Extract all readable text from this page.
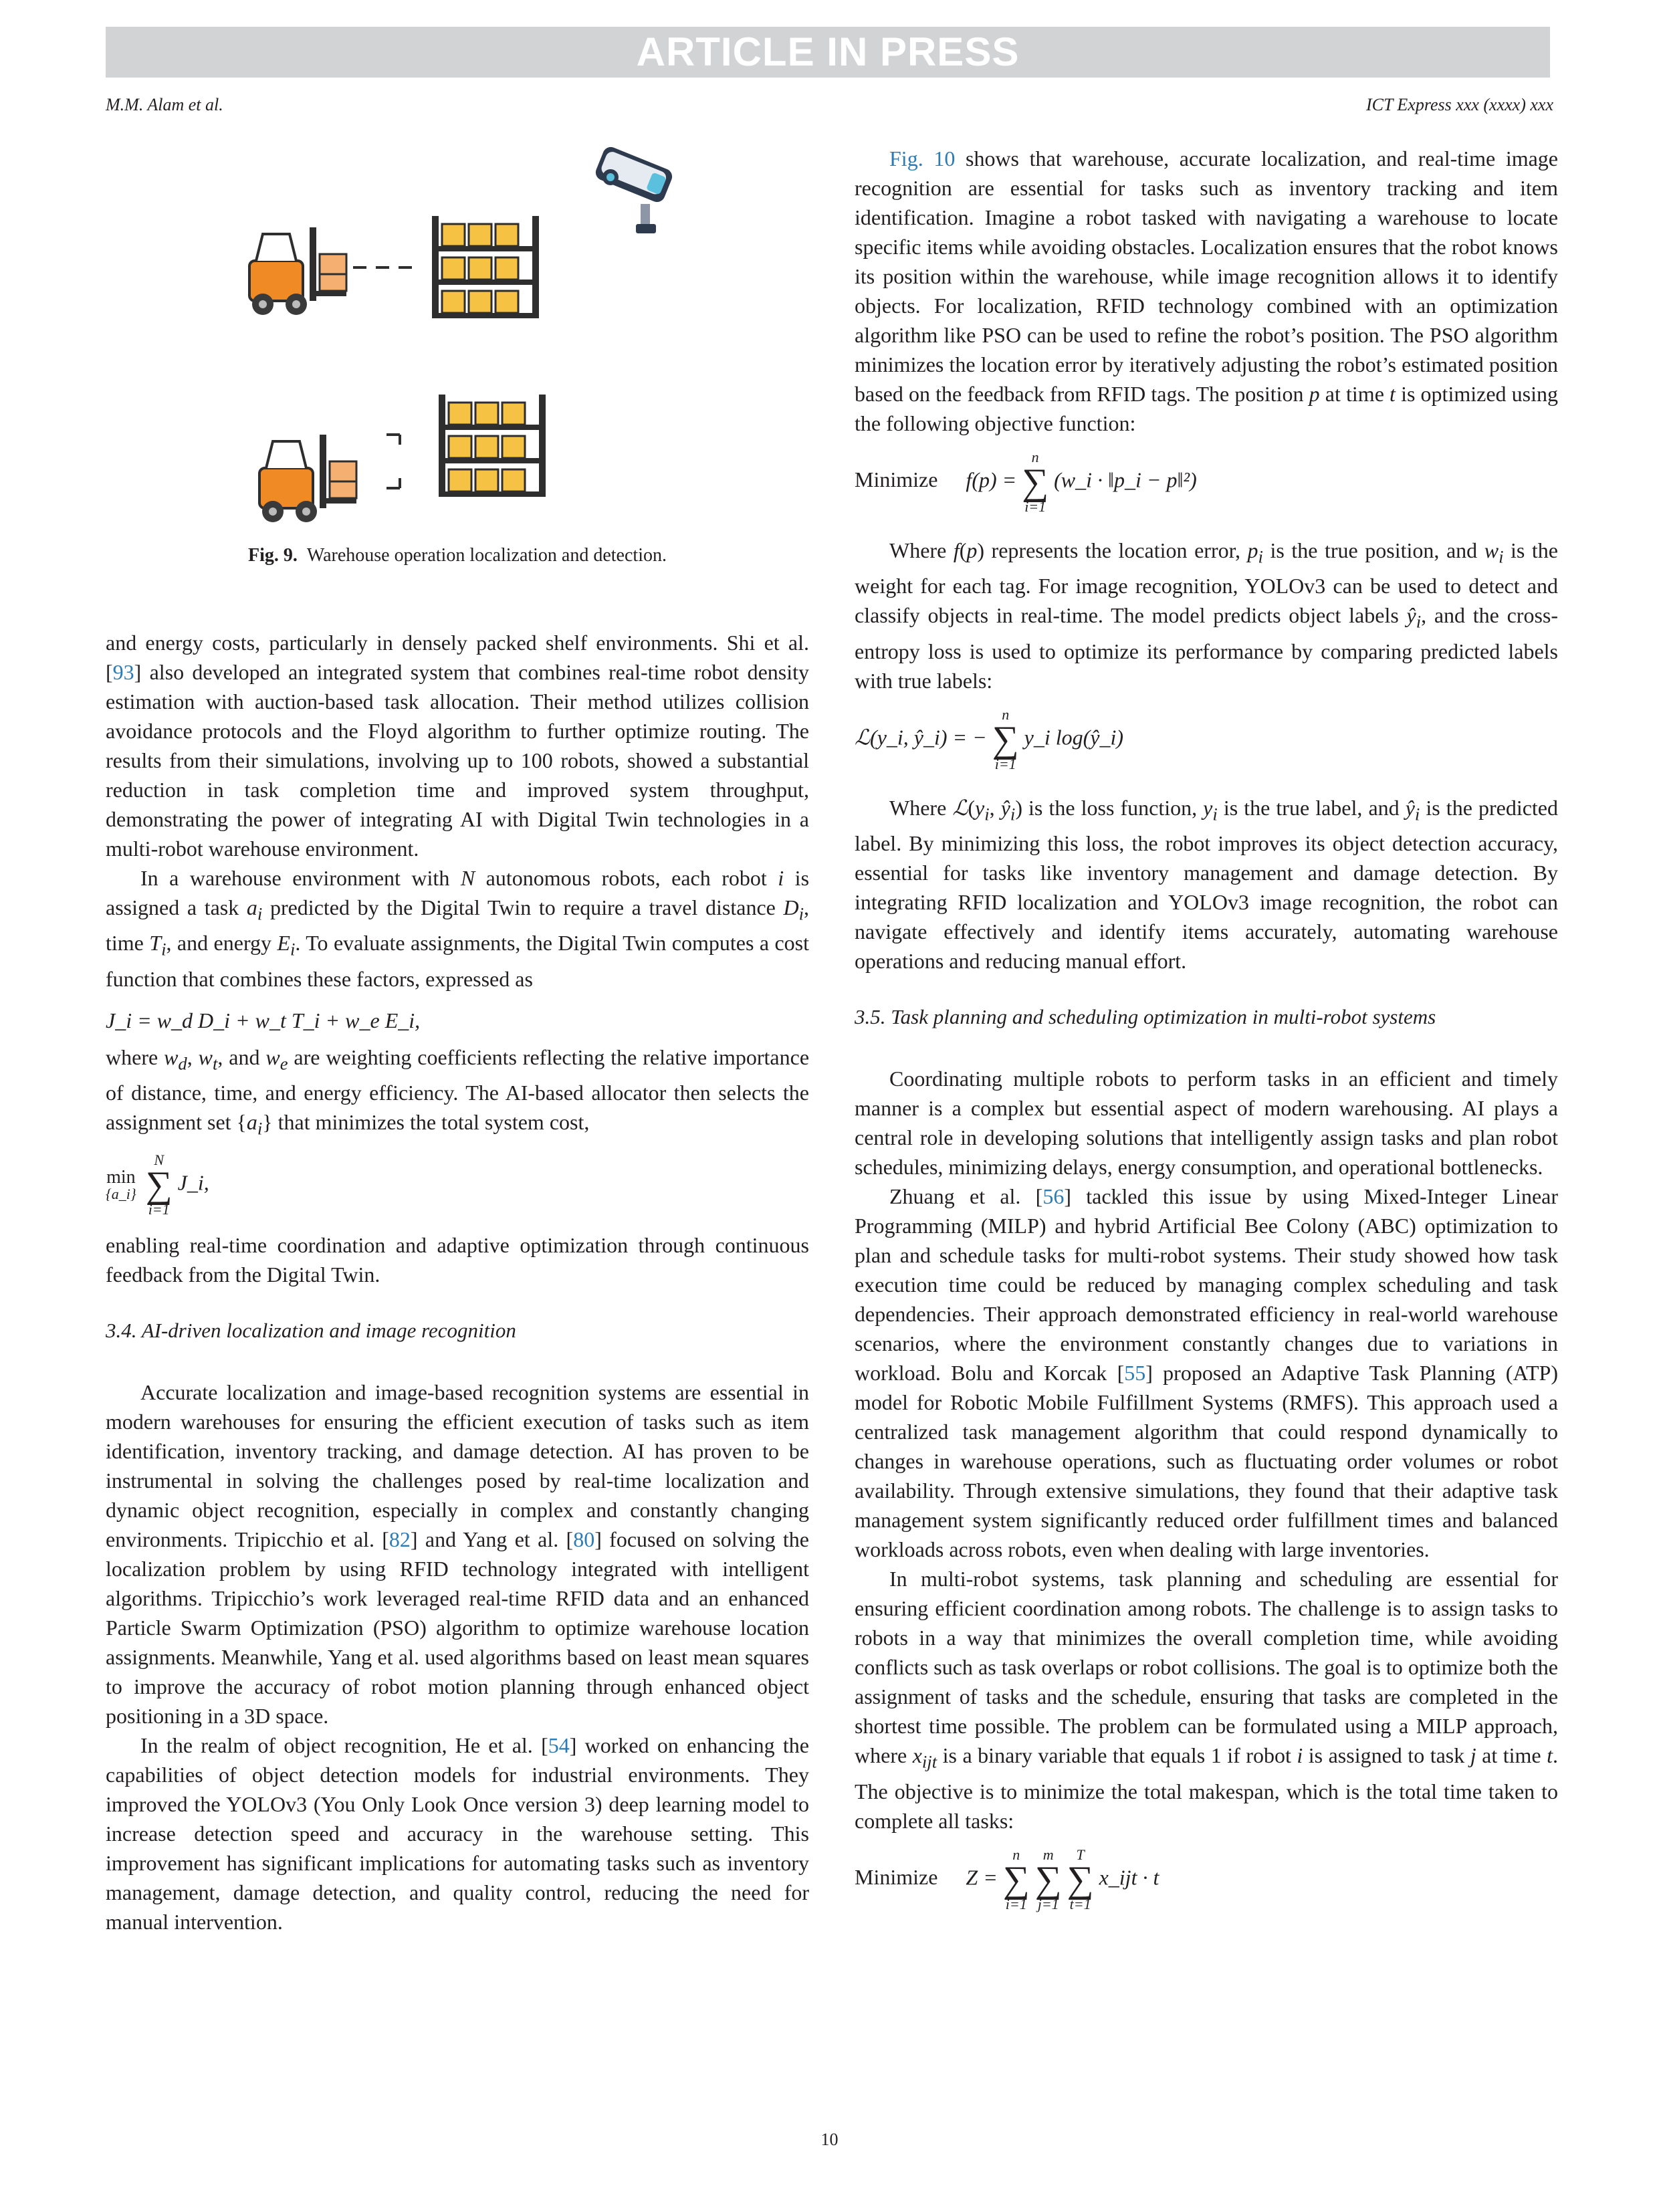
ARTICLE IN PRESS
M.M. Alam et al.	ICT Express xxx (xxxx) xxx
Fig. 9. Warehouse operation localization and detection.

and energy costs, particularly in densely packed shelf environments. Shi et al. [93] also developed an integrated system that combines real-time robot density estimation with auction-based task allocation. Their method utilizes collision avoidance protocols and the Floyd algorithm to further optimize routing. The results from their simulations, involving up to 100 robots, showed a substantial reduction in task completion time and improved system throughput, demonstrating the power of integrating AI with Digital Twin technologies in a multi-robot warehouse environment.

In a warehouse environment with N autonomous robots, each robot i is assigned a task $a_i$ predicted by the Digital Twin to require a travel distance $D_i$, time $T_i$, and energy $E_i$. To evaluate assignments, the Digital Twin computes a cost function that combines these factors, expressed as

J_i = w_d D_i + w_t T_i + w_e E_i,

where $w_d$, $w_t$, and $w_e$ are weighting coefficients reflecting the relative importance of distance, time, and energy efficiency. The AI-based allocator then selects the assignment set $\{a_i\}$ that minimizes the total system cost,

min
{a_i}

N
∑
i=1
J_i,

enabling real-time coordination and adaptive optimization through continuous feedback from the Digital Twin.

3.4. AI-driven localization and image recognition

Accurate localization and image-based recognition systems are essential in modern warehouses for ensuring the efficient execution of tasks such as item identification, inventory tracking, and damage detection. AI has proven to be instrumental in solving the challenges posed by real-time localization and dynamic object recognition, especially in complex and constantly changing environments. Tripicchio et al. [82] and Yang et al. [80] focused on solving the localization problem by using RFID technology integrated with intelligent algorithms. Tripicchio’s work leveraged real-time RFID data and an enhanced Particle Swarm Optimization (PSO) algorithm to optimize warehouse location assignments. Meanwhile, Yang et al. used algorithms based on least mean squares to improve the accuracy of robot motion planning through enhanced object positioning in a 3D space.

In the realm of object recognition, He et al. [54] worked on enhancing the capabilities of object detection models for industrial environments. They improved the YOLOv3 (You Only Look Once version 3) deep learning model to increase detection speed and accuracy in the warehouse setting. This improvement has significant implications for automating tasks such as inventory management, damage detection, and quality control, reducing the need for manual intervention.

Fig. 10 shows that warehouse, accurate localization, and real-time image recognition are essential for tasks such as inventory tracking and item identification. Imagine a robot tasked with navigating a warehouse to locate specific items while avoiding obstacles. Localization ensures that the robot knows its position within the warehouse, while image recognition allows it to identify objects. For localization, RFID technology combined with an optimization algorithm like PSO can be used to refine the robot’s position. The PSO algorithm minimizes the location error by iteratively adjusting the robot’s estimated position based on the feedback from RFID tags. The position p at time t is optimized using the following objective function:

Minimize f(p) =
n
∑
i=1
(w_i · ‖p_i − p‖²)

Where f(p) represents the location error, $p_i$ is the true position, and $w_i$ is the weight for each tag. For image recognition, YOLOv3 can be used to detect and classify objects in real-time. The model predicts object labels $ŷ_i$, and the cross-entropy loss is used to optimize its performance by comparing predicted labels with true labels:

ℒ(y_i, ŷ_i) = −
n
∑
i=1
y_i log(ŷ_i)

Where $ℒ(y_i$, $ŷ_i$) is the loss function, $y_i$ is the true label, and $ŷ_i$ is the predicted label. By minimizing this loss, the robot improves its object detection accuracy, essential for tasks like inventory management and damage detection. By integrating RFID localization and YOLOv3 image recognition, the robot can navigate effectively and identify items accurately, automating warehouse operations and reducing manual effort.

3.5. Task planning and scheduling optimization in multi-robot systems

Coordinating multiple robots to perform tasks in an efficient and timely manner is a complex but essential aspect of modern warehousing. AI plays a central role in developing solutions that intelligently assign tasks and plan robot schedules, minimizing delays, energy consumption, and operational bottlenecks.

Zhuang et al. [56] tackled this issue by using Mixed-Integer Linear Programming (MILP) and hybrid Artificial Bee Colony (ABC) optimization to plan and schedule tasks for multi-robot systems. Their study showed how task execution time could be reduced by managing complex scheduling and task dependencies. Their approach demonstrated efficiency in real-world warehouse scenarios, where the environment constantly changes due to variations in workload. Bolu and Korcak [55] proposed an Adaptive Task Planning (ATP) model for Robotic Mobile Fulfillment Systems (RMFS). This approach used a centralized task management algorithm that could respond dynamically to changes in warehouse operations, such as fluctuating order volumes or robot availability. Through extensive simulations, they found that their adaptive task management system significantly reduced order fulfillment times and balanced workloads across robots, even when dealing with large inventories.

In multi-robot systems, task planning and scheduling are essential for ensuring efficient coordination among robots. The challenge is to assign tasks to robots in a way that minimizes the overall completion time, while avoiding conflicts such as task overlaps or robot collisions. The goal is to optimize both the assignment of tasks and the schedule, ensuring that tasks are completed in the shortest time possible. The problem can be formulated using a MILP approach, where $x_{ijt}$ is a binary variable that equals 1 if robot i is assigned to task j at time t. The objective is to minimize the total makespan, which is the total time taken to complete all tasks:

Minimize Z =
n
∑
i=1

m
∑
j=1

T
∑
t=1
x_ijt · t
10
